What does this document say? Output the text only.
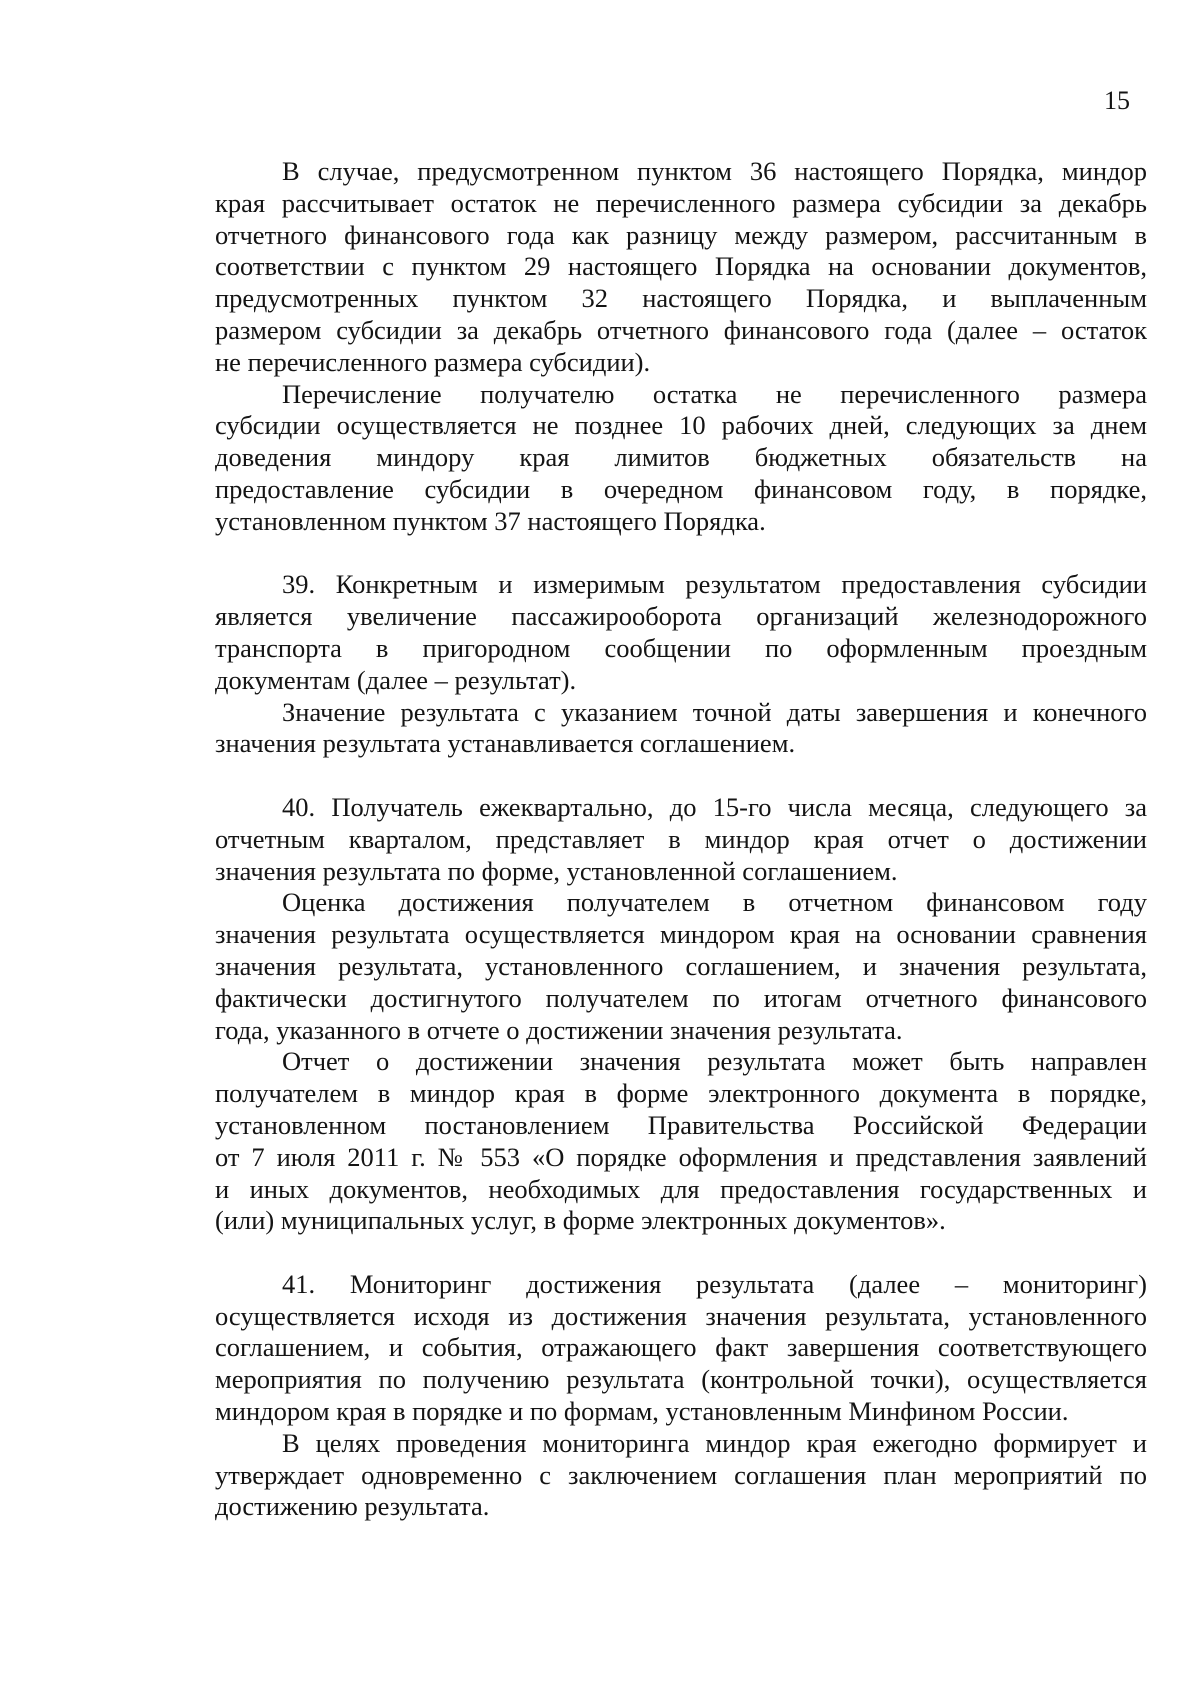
15
В случае, предусмотренном пунктом 36 настоящего Порядка, миндор
края рассчитывает остаток не перечисленного размера субсидии за декабрь
отчетного финансового года как разницу между размером, рассчитанным в
соответствии с пунктом 29 настоящего Порядка на основании документов,
предусмотренных пунктом 32 настоящего Порядка, и выплаченным
размером субсидии за декабрь отчетного финансового года (далее – остаток
не перечисленного размера субсидии).
Перечисление получателю остатка не перечисленного размера
субсидии осуществляется не позднее 10 рабочих дней, следующих за днем
доведения миндору края лимитов бюджетных обязательств на
предоставление субсидии в очередном финансовом году, в порядке,
установленном пунктом 37 настоящего Порядка.
39. Конкретным и измеримым результатом предоставления субсидии
является увеличение пассажирооборота организаций железнодорожного
транспорта в пригородном сообщении по оформленным проездным
документам (далее – результат).
Значение результата с указанием точной даты завершения и конечного
значения результата устанавливается соглашением.
40. Получатель ежеквартально, до 15-го числа месяца, следующего за
отчетным кварталом, представляет в миндор края отчет о достижении
значения результата по форме, установленной соглашением.
Оценка достижения получателем в отчетном финансовом году
значения результата осуществляется миндором края на основании сравнения
значения результата, установленного соглашением, и значения результата,
фактически достигнутого получателем по итогам отчетного финансового
года, указанного в отчете о достижении значения результата.
Отчет о достижении значения результата может быть направлен
получателем в миндор края в форме электронного документа в порядке,
установленном постановлением Правительства Российской Федерации
от 7 июля 2011 г. № 553 «О порядке оформления и представления заявлений
и иных документов, необходимых для предоставления государственных и
(или) муниципальных услуг, в форме электронных документов».
41. Мониторинг достижения результата (далее – мониторинг)
осуществляется исходя из достижения значения результата, установленного
соглашением, и события, отражающего факт завершения соответствующего
мероприятия по получению результата (контрольной точки), осуществляется
миндором края в порядке и по формам, установленным Минфином России.
В целях проведения мониторинга миндор края ежегодно формирует и
утверждает одновременно с заключением соглашения план мероприятий по
достижению результата.
